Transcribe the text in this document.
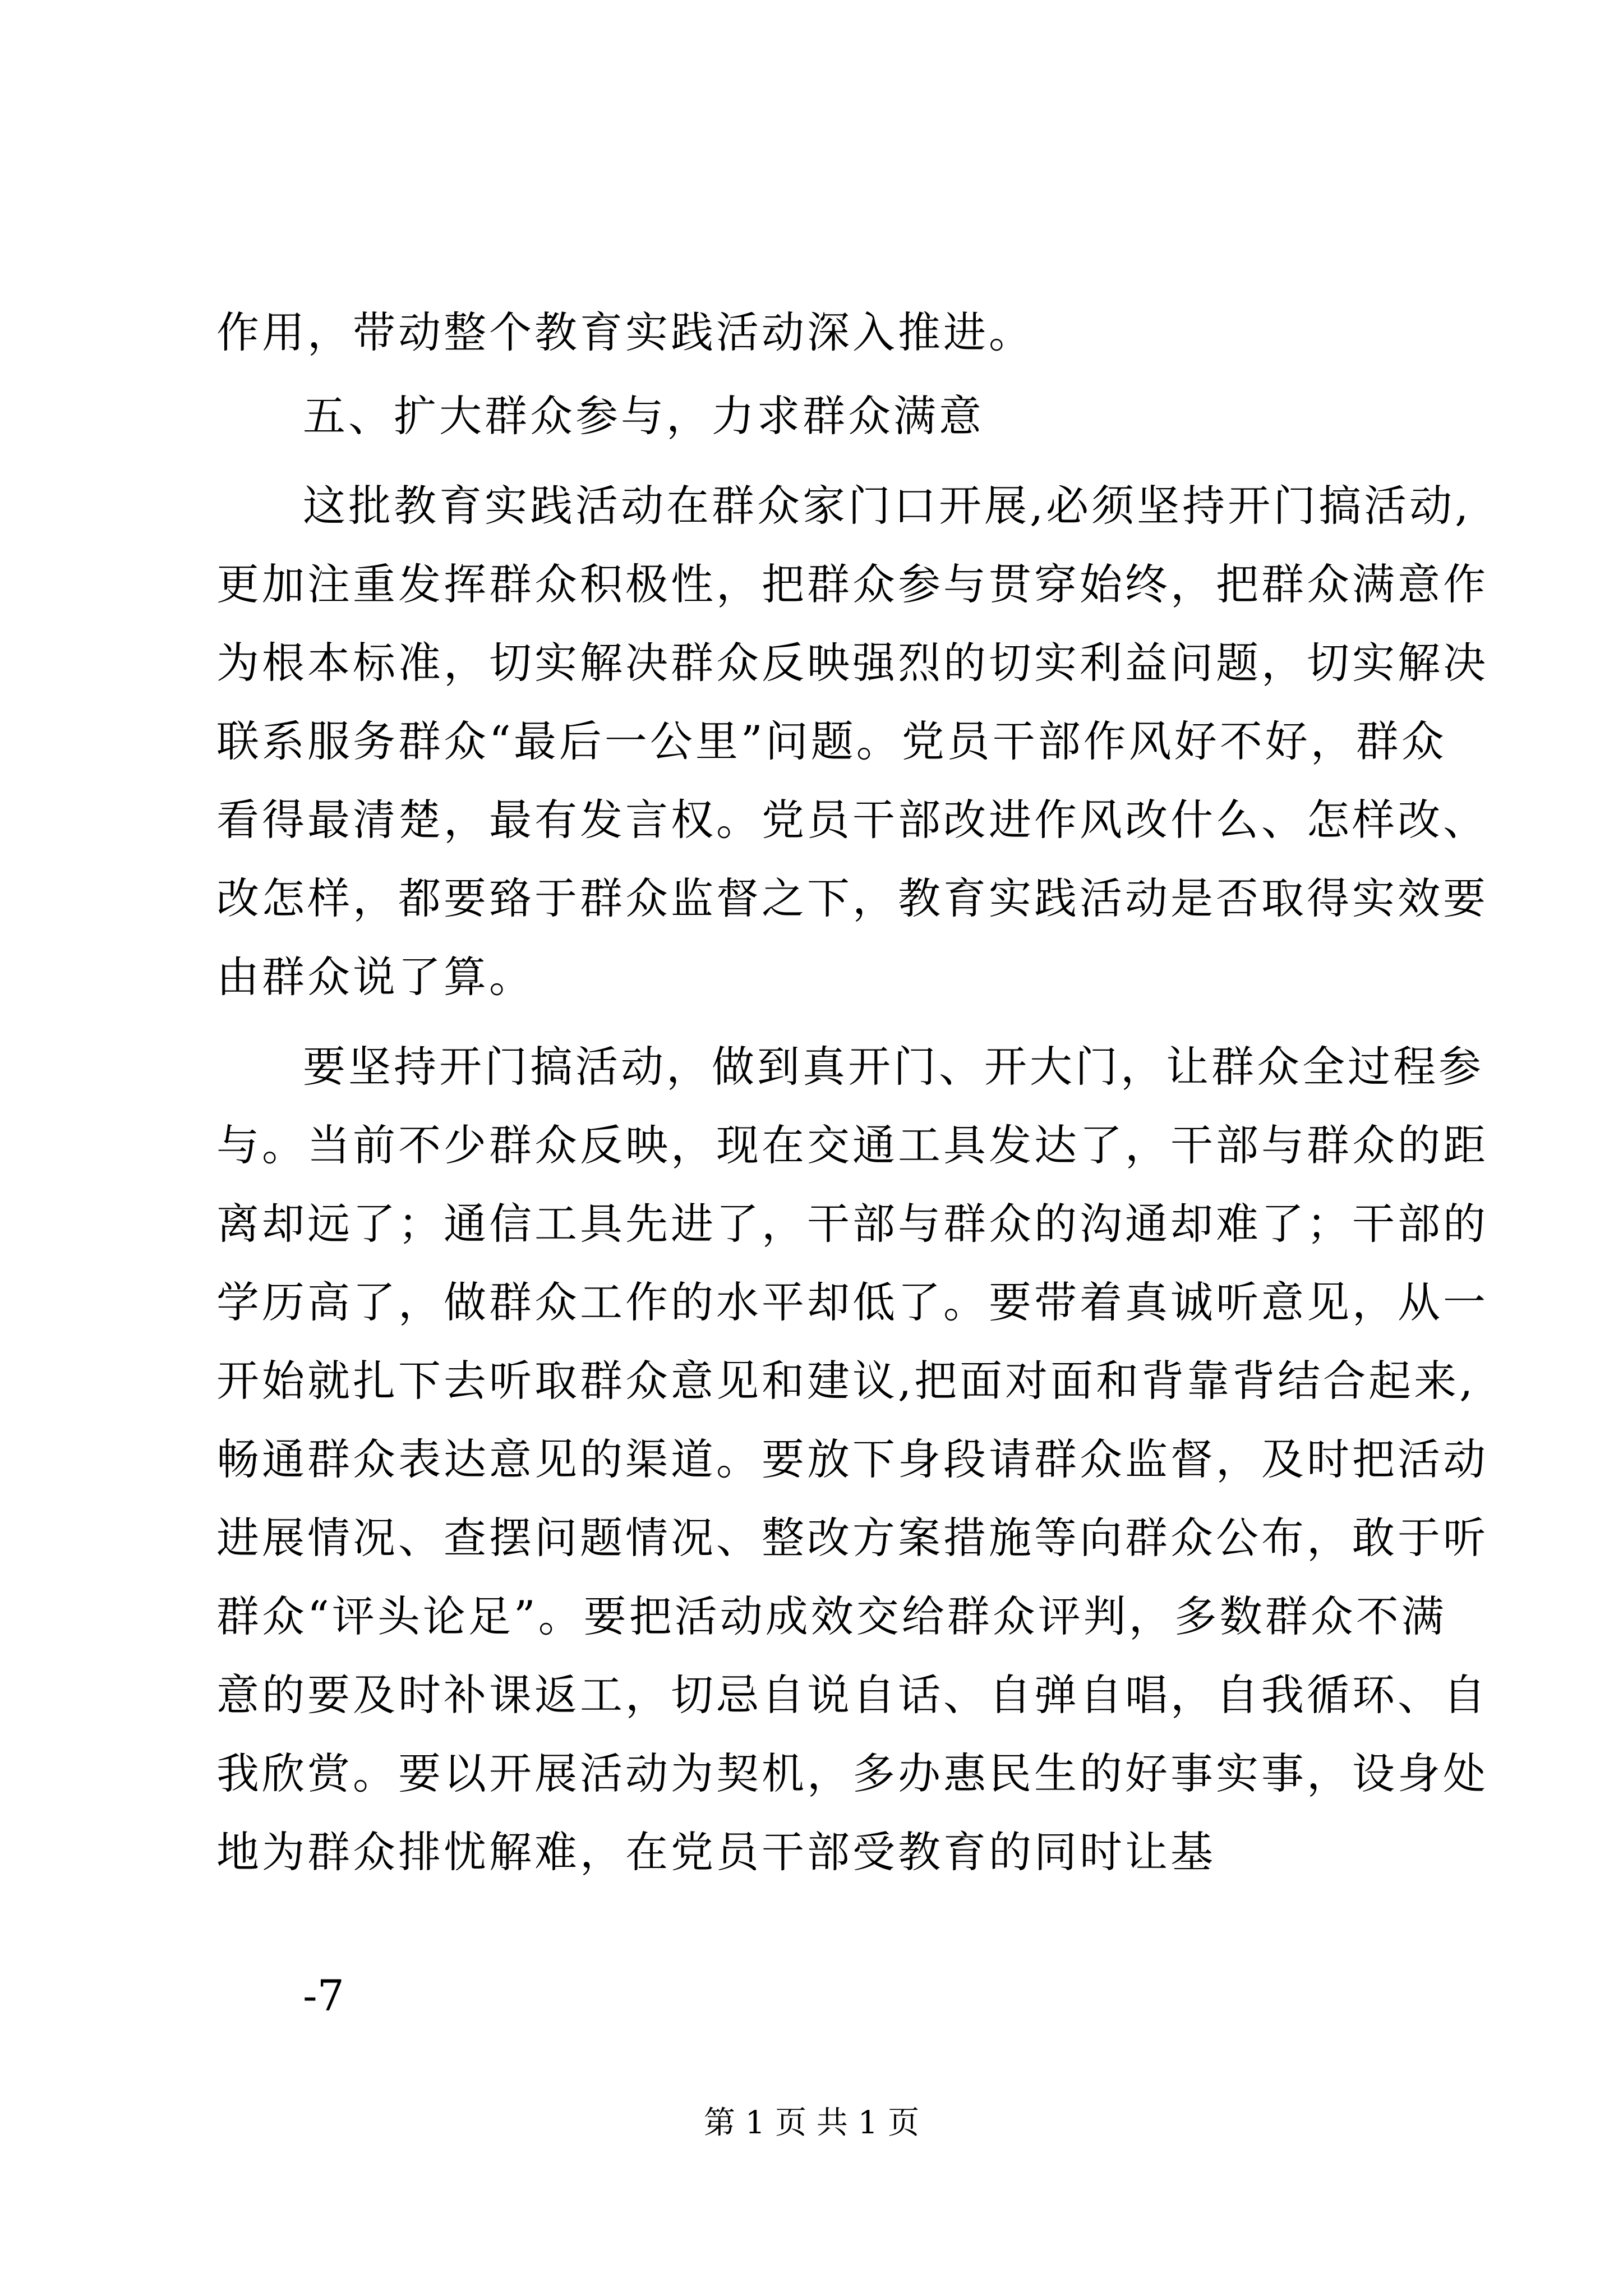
作用，带动整个教育实践活动深入推进。
五、扩大群众参与，力求群众满意
这批教育实践活动在群众家门口开展,必须坚持开门搞活动,
更加注重发挥群众积极性，把群众参与贯穿始终，把群众满意作
为根本标准，切实解决群众反映强烈的切实利益问题，切实解决
联系服务群众“最后一公里”问题。党员干部作风好不好，群众
看得最清楚，最有发言权。党员干部改进作风改什么、怎样改、
改怎样，都要臵于群众监督之下，教育实践活动是否取得实效要
由群众说了算。
要坚持开门搞活动，做到真开门、开大门，让群众全过程参
与。当前不少群众反映，现在交通工具发达了，干部与群众的距
离却远了；通信工具先进了，干部与群众的沟通却难了；干部的
学历高了，做群众工作的水平却低了。要带着真诚听意见，从一
开始就扎下去听取群众意见和建议,把面对面和背靠背结合起来,
畅通群众表达意见的渠道。要放下身段请群众监督，及时把活动
进展情况、查摆问题情况、整改方案措施等向群众公布，敢于听
群众“评头论足”。要把活动成效交给群众评判，多数群众不满
意的要及时补课返工，切忌自说自话、自弹自唱，自我循环、自
我欣赏。要以开展活动为契机，多办惠民生的好事实事，设身处
地为群众排忧解难，在党员干部受教育的同时让基
-7
第 1 页 共 1 页
